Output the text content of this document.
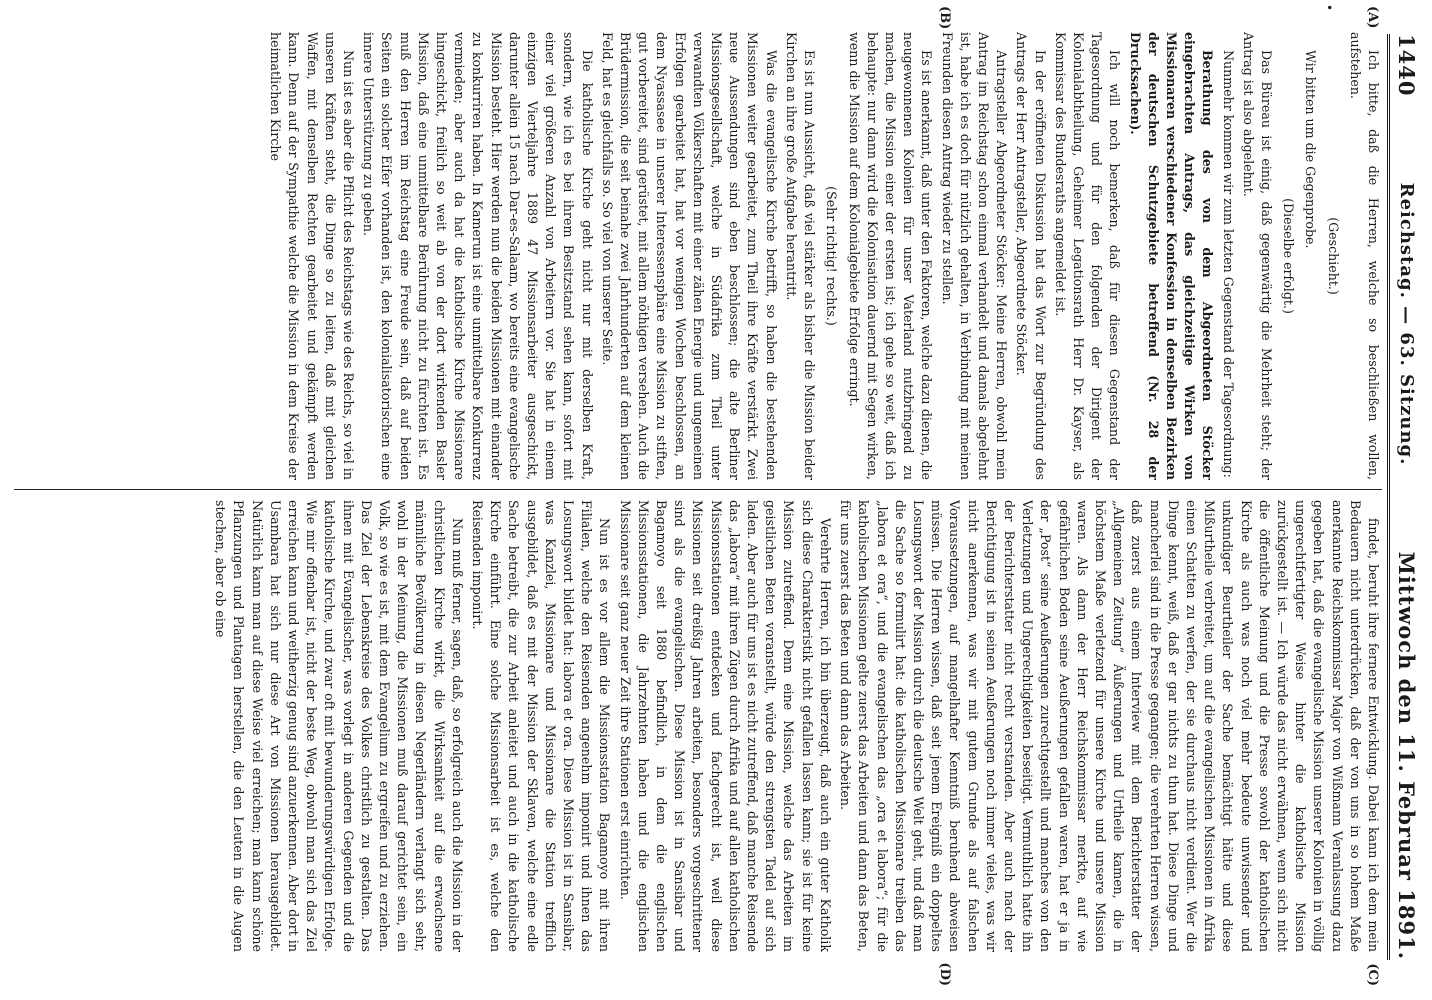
1440
Reichstag. — 63. Sitzung.
Mittwoch den 11. Februar 1891.
(A)
(B)
(C)
(D)
•

Ich bitte, daß die Herren, welche so beschließen wollen, aufstehen.

(Geschieht.)

Wir bitten um die Gegenprobe.

(Dieselbe erfolgt.)

Das Büreau ist einig, daß gegenwärtig die Mehrheit steht; der Antrag ist also abgelehnt.

Nunmehr kommen wir zum letzten Gegenstand der Tagesordnung:

Berathung des von dem Abgeordneten Stöcker eingebrachten Antrags, das gleichzeitige Wirken von Missionaren verschiedener Konfession in denselben Bezirken der deutschen Schutzgebiete betreffend (Nr. 28 der Drucksachen).

Ich will noch bemerken, daß für diesen Gegenstand der Tagesordnung und für den folgenden der Dirigent der Kolonialabtheilung, Geheimer Legationsrath Herr Dr. Kayser, als Kommissar des Bundesraths angemeldet ist.

In der eröffneten Diskussion hat das Wort zur Begründung des Antrags der Herr Antragsteller, Abgeordnete Stöcker.

Antragsteller Abgeordneter Stöcker: Meine Herren, obwohl mein Antrag im Reichstag schon einmal verhandelt und damals abgelehnt ist, habe ich es doch für nützlich gehalten, in Verbindung mit meinen Freunden diesen Antrag wieder zu stellen.

Es ist anerkannt, daß unter den Faktoren, welche dazu dienen, die neugewonnenen Kolonien für unser Vaterland nutzbringend zu machen, die Mission einer der ersten ist; ich gehe so weit, daß ich behaupte: nur dann wird die Kolonisation dauernd mit Segen wirken, wenn die Mission auf dem Kolonialgebiete Erfolge erringt.

(Sehr richtig! rechts.)

Es ist nun Aussicht, daß viel stärker als bisher die Mission beider Kirchen an ihre große Aufgabe herantritt.

Was die evangelische Kirche betrifft, so haben die bestehenden Missionen weiter gearbeitet, zum Theil ihre Kräfte verstärkt. Zwei neue Aussendungen sind eben beschlossen; die alte Berliner Missionsgesellschaft, welche in Südafrika zum Theil unter verwandten Völkerschaften mit einer zähen Energie und ungemeinen Erfolgen gearbeitet hat, hat vor wenigen Wochen beschlossen, an dem Nyassasee in unserer Interessensphäre eine Mission zu stiften, gut vorbereitet, sind gerüstet, mit allem nöthigen versehen. Auch die Brüdermission, die seit beinahe zwei Jahrhunderten auf dem kleinen Feld, hat es gleichfalls so. So viel von unserer Seite.

Die katholische Kirche geht nicht nur mit derselben Kraft, sondern, wie ich es bei ihrem Besitzstand sehen kann, sofort mit einer viel größeren Anzahl von Arbeitern vor. Sie hat in einem einzigen Vierteljahre 1889 47 Missionsarbeiter ausgeschickt, darunter allein 15 nach Dar-es-Salaam, wo bereits eine evangelische Mission besteht. Hier werden nun die beiden Missionen mit einander zu konkurriren haben. In Kamerun ist eine unmittelbare Konkurrenz vermieden; aber auch da hat die katholische Kirche Missionare hingeschickt, freilich so weit ab von der dort wirkenden Basler Mission, daß eine unmittelbare Berührung nicht zu fürchten ist. Es muß den Herren im Reichstag eine Freude sein, daß auf beiden Seiten ein solcher Eifer vorhanden ist, den kolonialisatorischen eine innere Unterstützung zu geben.

Nun ist es aber die Pflicht des Reichstags wie des Reichs, so viel in unseren Kräften steht, die Dinge so zu leiten, daß mit gleichen Waffen, mit denselben Rechten gearbeitet und gekämpft werden kann. Denn auf der Sympathie welche die Mission in dem Kreise der heimatlichen Kirche

findet, beruht ihre fernere Entwicklung. Dabei kann ich dem mein Bedauern nicht unterdrücken, daß der von uns in so hohem Maße anerkannte Reichskommissar Major von Wißmann Veranlassung dazu gegeben hat, daß die evangelische Mission unserer Kolonien in völlig ungerechtfertigter Weise hinter die katholische Mission zurückgestellt ist. — Ich würde das nicht erwähnen, wenn sich nicht die öffentliche Meinung und die Presse sowohl der katholischen Kirche als auch was noch viel mehr bedeute unwissender und unkundiger Beurtheiler der Sache bemächtigt hätte und diese Mißurtheile verbreitet, um auf die evangelischen Missionen in Afrika einen Schatten zu werfen, der sie durchaus nicht verdient. Wer die Dinge kennt, weiß, daß er gar nichts zu thun hat. Diese Dinge und mancherlei sind in die Presse gegangen; die verehrten Herren wissen, daß zuerst aus einem Interview mit dem Berichterstatter der „Allgemeinen Zeitung“ Äußerungen und Urtheile kamen, die in höchstem Maße verletzend für unsere Kirche und unsere Mission waren. Als dann der Herr Reichskommissar merkte, auf wie gefährlichen Boden seine Aeußerungen gefallen waren, hat er ja in der „Post“ seine Aeußerungen zurechtgestellt und manches von den Verletzungen und Ungerechtigkeiten beseitigt. Vermuthlich hatte ihn der Berichterstatter nicht recht verstanden. Aber auch nach der Berichtigung ist in seinen Aeußerungen noch immer vieles, was wir nicht anerkennen, was wir mit gutem Grunde als auf falschen Voraussetzungen, auf mangelhafter Kenntniß beruhend abweisen müssen. Die Herren wissen, daß seit jenem Ereigniß ein doppeltes Losungswort der Mission durch die deutsche Welt geht, und daß man die Sache so formulirt hat: die katholischen Missionare treiben das „labora et ora“, und die evangelischen das „ora et labora“; für die katholischen Missionen gelte zuerst das Arbeiten und dann das Beten, für uns zuerst das Beten und dann das Arbeiten.

Verehrte Herren, ich bin überzeugt, daß auch ein guter Katholik sich diese Charakteristik nicht gefallen lassen kann; sie ist für keine Mission zutreffend. Denn eine Mission, welche das Arbeiten im geistlichen Beten voranstellt, würde den strengsten Tadel auf sich laden. Aber auch für uns ist es nicht zutreffend, daß manche Reisende das „labora“ mit ihren Zügen durch Afrika und auf allen katholischen Missionsstationen entdecken und fachgerecht ist, weil diese Missionen seit dreißig Jahren arbeiten, besonders vorgeschrittener sind als die evangelischen. Diese Mission ist in Sansibar und Bagamoyo seit 1880 befindlich, in dem die englischen Missionsstationen, die Jahrzehnten haben und die englischen Missionare seit ganz neuer Zeit ihre Stationen erst einrichten.

Nun ist es vor allem die Missionsstation Bagamoyo mit ihren Filialen, welche den Reisenden angenehm imponirt und ihnen das Losungswort bildet hat: labora et ora. Diese Mission ist in Sansibar, was Kanzlei, Missionare und Missionare die Station trefflich ausgebildet, daß es mit der Mission der Sklaven, welche eine edle Sache betreibt, die zur Arbeit anleitet und auch in die katholische Kirche einführt. Eine solche Missionsarbeit ist es, welche den Reisenden imponirt.

Nun muß ferner, sagen, daß, so erfolgreich auch die Mission in der christlichen Kirche wirkt, die Wirksamkeit auf die erwachsene männliche Bevölkerung in diesen Negerländern verlangt sich sehr, wohl in der Meinung, die Missionen muß darauf gerichtet sein, ein Volk, so wie es ist, mit dem Evangelium zu ergreifen und zu erziehen. Das Ziel der Lebenskreise des Volkes christlich zu gestalten. Das ihnen mit Evangelischer, was vorlegt in anderen Gegenden und die katholische Kirche, und zwar oft mit bewunderungswürdigen Erfolge. Wie mir offenbar ist, nicht der beste Weg, obwohl man sich das Ziel erreichen kann und weitherzig genug sind anzuerkennen. Aber dort in Usambara hat sich nur diese Art von Missionen herausgebildet. Natürlich kann man auf diese Weise viel erreichen; man kann schöne Pflanzungen und Plantagen herstellen, die den Leuten in die Augen stechen, aber ob eine
